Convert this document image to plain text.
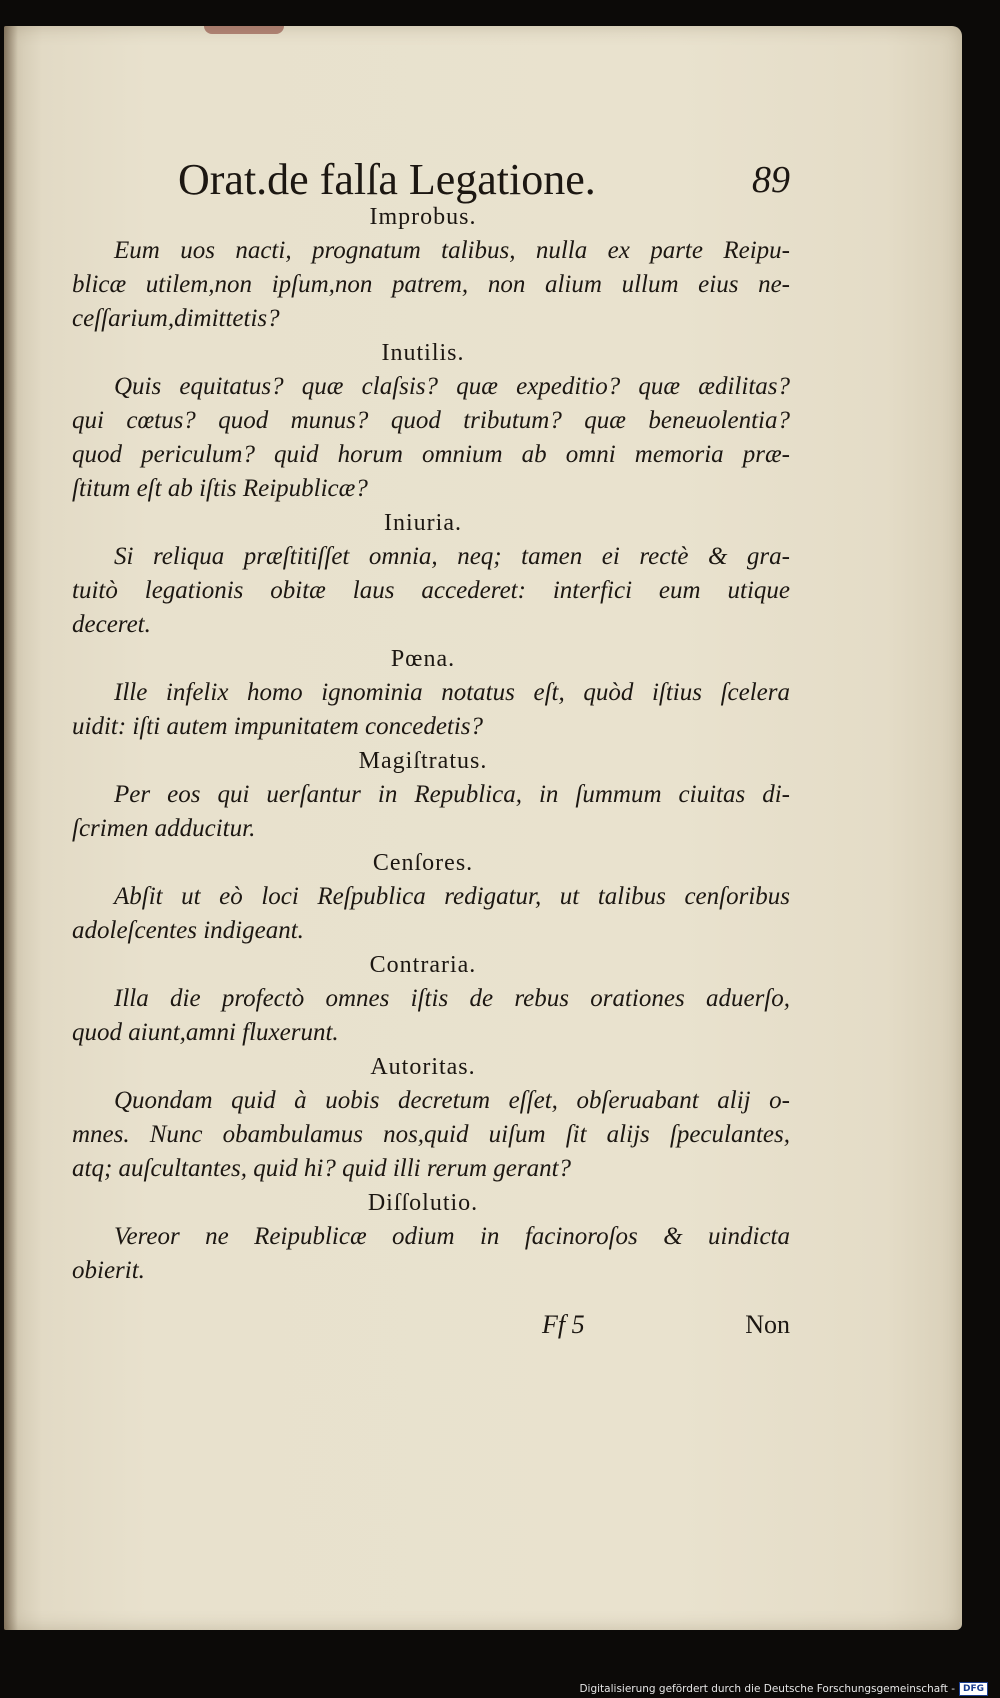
Orat.de falſa Legatione.	89
Improbus.
Eum uos nacti, prognatum talibus, nulla ex parte Reipu-
blicæ utilem,non ipſum,non patrem, non alium ullum eius ne-
ceſſarium,dimittetis?
Inutilis.
Quis equitatus? quæ claſsis? quæ expeditio? quæ ædilitas?
qui cœtus? quod munus? quod tributum? quæ beneuolentia?
quod periculum? quid horum omnium ab omni memoria præ-
ſtitum eſt ab iſtis Reipublicæ?
Iniuria.
Si reliqua præſtitiſſet omnia, neq; tamen ei rectè & gra-
tuitò legationis obitæ laus accederet: interfici eum utique
deceret.
Pœna.
Ille infelix homo ignominia notatus eſt, quòd iſtius ſcelera
uidit: iſti autem impunitatem concedetis?
Magiſtratus.
Per eos qui uerſantur in Republica, in ſummum ciuitas di-
ſcrimen adducitur.
Cenſores.
Abſit ut eò loci Reſpublica redigatur, ut talibus cenſoribus
adoleſcentes indigeant.
Contraria.
Illa die profectò omnes iſtis de rebus orationes aduerſo,
quod aiunt,amni fluxerunt.
Autoritas.
Quondam quid à uobis decretum eſſet, obſeruabant alij o-
mnes. Nunc obambulamus nos,quid uiſum ſit alijs ſpeculantes,
atq; auſcultantes, quid hi? quid illi rerum gerant?
Diſſolutio.
Vereor ne Reipublicæ odium in facinoroſos & uindicta
obierit.
Ff 5	Non
Digitalisierung gefördert durch die Deutsche Forschungsgemeinschaft - DFG
